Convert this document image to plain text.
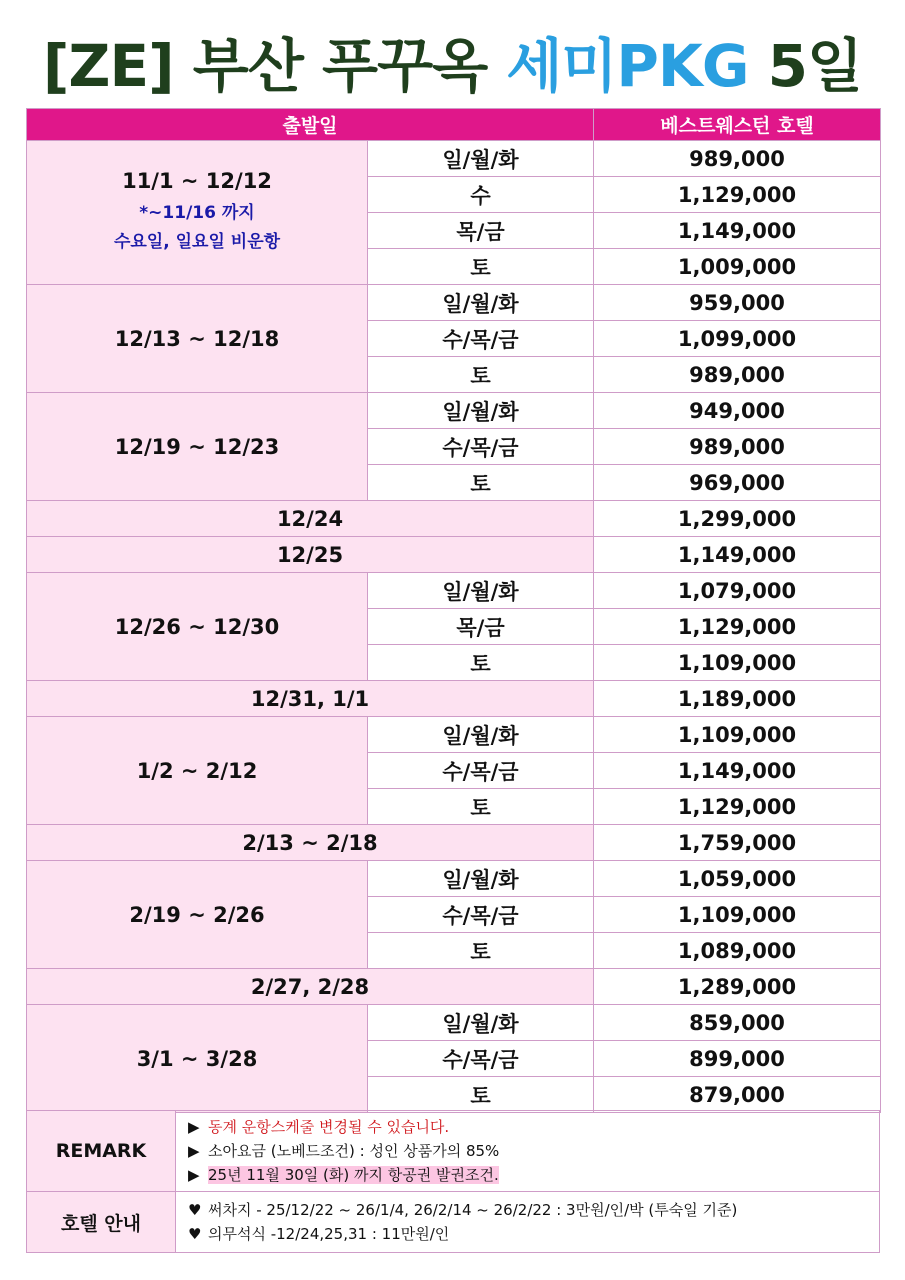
[ZE] 부산 푸꾸옥 세미PKG 5일
출발일		베스트웨스턴 호텔
11/1 ~ 12/12
*~11/16 까지
수요일, 일요일 비운항	일/월/화	989,000
	수	1,129,000
	목/금	1,149,000
	토	1,009,000
12/13 ~ 12/18	일/월/화	959,000
	수/목/금	1,099,000
	토	989,000
12/19 ~ 12/23	일/월/화	949,000
	수/목/금	989,000
	토	969,000
12/24		1,299,000
12/25		1,149,000
12/26 ~ 12/30	일/월/화	1,079,000
	목/금	1,129,000
	토	1,109,000
12/31, 1/1		1,189,000
1/2 ~ 2/12	일/월/화	1,109,000
	수/목/금	1,149,000
	토	1,129,000
2/13 ~ 2/18		1,759,000
2/19 ~ 2/26	일/월/화	1,059,000
	수/목/금	1,109,000
	토	1,089,000
2/27, 2/28		1,289,000
3/1 ~ 3/28	일/월/화	859,000
	수/목/금	899,000
	토	879,000
REMARK	▶ 동계 운항스케줄 변경될 수 있습니다.
▶ 소아요금 (노베드조건) : 성인 상품가의 85%
▶ 25년 11월 30일 (화) 까지 항공권 발권조건.

호텔 안내	♥ 써차지 - 25/12/22 ~ 26/1/4, 26/2/14 ~ 26/2/22 : 3만원/인/박 (투숙일 기준)
♥ 의무석식 -12/24,25,31 : 11만원/인
